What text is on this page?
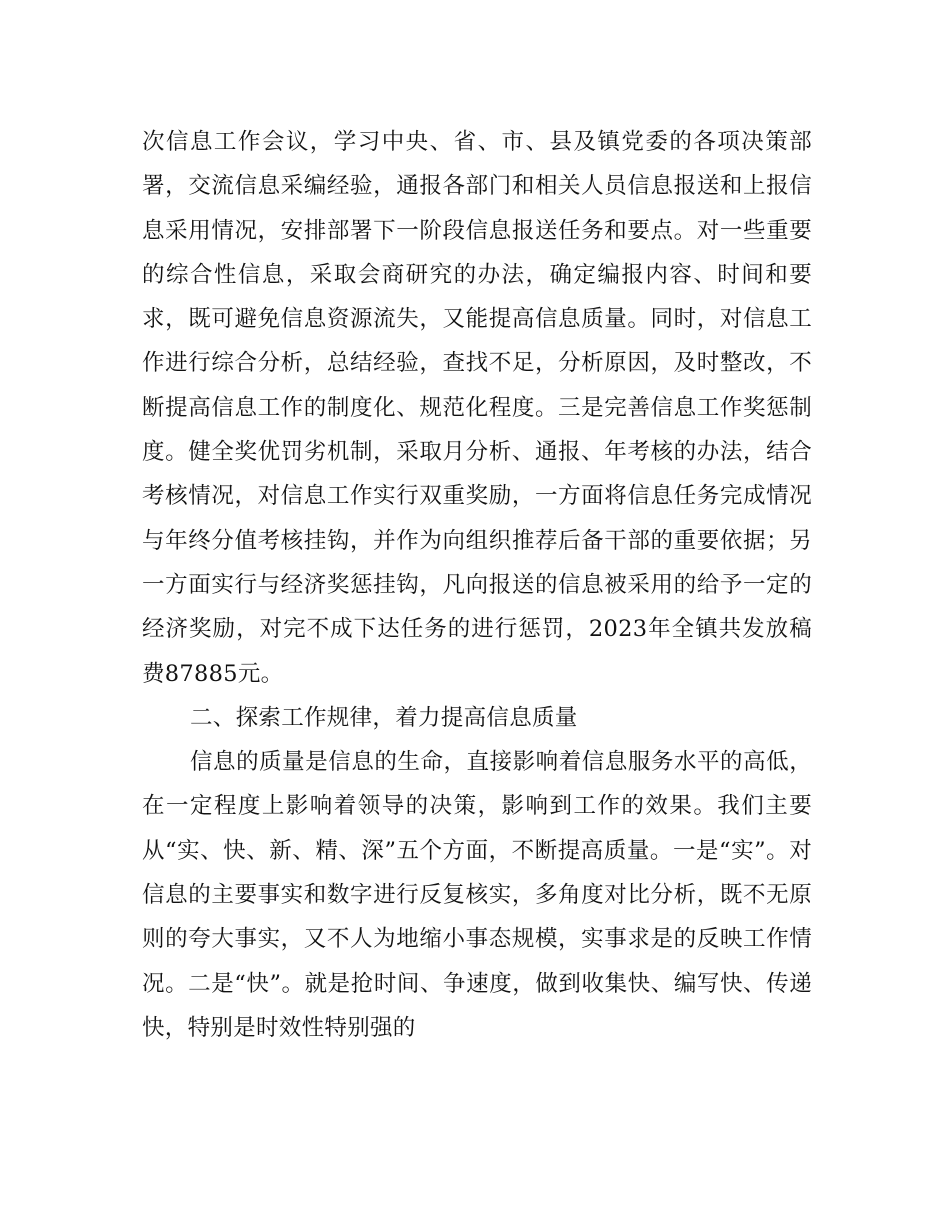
次信息工作会议，学习中央、省、市、县及镇党委的各项决策部署，交流信息采编经验，通报各部门和相关人员信息报送和上报信息采用情况，安排部署下一阶段信息报送任务和要点。对一些重要的综合性信息，采取会商研究的办法，确定编报内容、时间和要求，既可避免信息资源流失，又能提高信息质量。同时，对信息工作进行综合分析，总结经验，查找不足，分析原因，及时整改，不断提高信息工作的制度化、规范化程度。三是完善信息工作奖惩制度。健全奖优罚劣机制，采取月分析、通报、年考核的办法，结合考核情况，对信息工作实行双重奖励，一方面将信息任务完成情况与年终分值考核挂钩，并作为向组织推荐后备干部的重要依据；另一方面实行与经济奖惩挂钩，凡向报送的信息被采用的给予一定的经济奖励，对完不成下达任务的进行惩罚，2023年全镇共发放稿费87885元。

二、探索工作规律，着力提高信息质量

信息的质量是信息的生命，直接影响着信息服务水平的高低，在一定程度上影响着领导的决策，影响到工作的效果。我们主要从“实、快、新、精、深”五个方面，不断提高质量。一是“实”。对信息的主要事实和数字进行反复核实，多角度对比分析，既不无原则的夸大事实，又不人为地缩小事态规模，实事求是的反映工作情况。二是“快”。就是抢时间、争速度，做到收集快、编写快、传递快，特别是时效性特别强的
